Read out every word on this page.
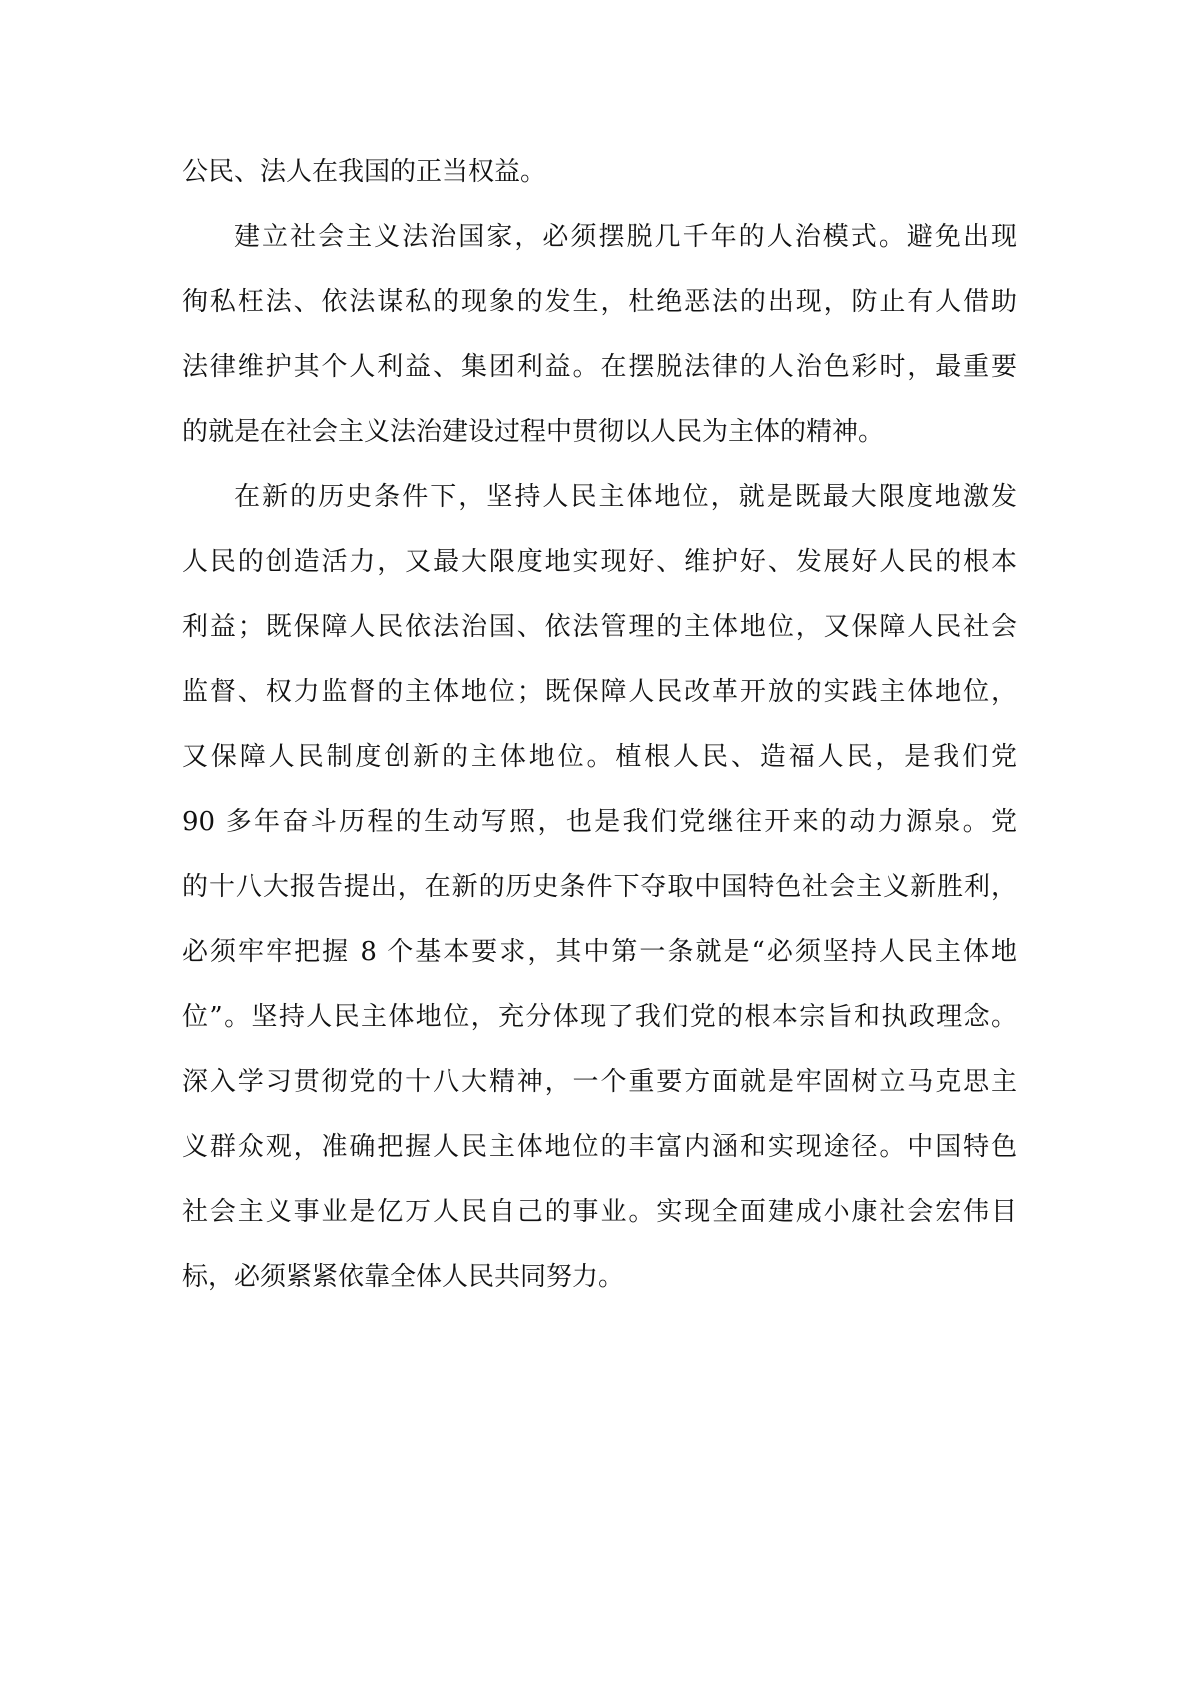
公民、法人在我国的正当权益。
建立社会主义法治国家，必须摆脱几千年的人治模式。避免出现
徇私枉法、依法谋私的现象的发生，杜绝恶法的出现，防止有人借助
法律维护其个人利益、集团利益。在摆脱法律的人治色彩时，最重要
的就是在社会主义法治建设过程中贯彻以人民为主体的精神。
在新的历史条件下，坚持人民主体地位，就是既最大限度地激发
人民的创造活力，又最大限度地实现好、维护好、发展好人民的根本
利益；既保障人民依法治国、依法管理的主体地位，又保障人民社会
监督、权力监督的主体地位；既保障人民改革开放的实践主体地位，
又保障人民制度创新的主体地位。植根人民、造福人民，是我们党
90 多年奋斗历程的生动写照，也是我们党继往开来的动力源泉。党
的十八大报告提出，在新的历史条件下夺取中国特色社会主义新胜利，
必须牢牢把握 8 个基本要求，其中第一条就是“必须坚持人民主体地
位”。坚持人民主体地位，充分体现了我们党的根本宗旨和执政理念。
深入学习贯彻党的十八大精神，一个重要方面就是牢固树立马克思主
义群众观，准确把握人民主体地位的丰富内涵和实现途径。中国特色
社会主义事业是亿万人民自己的事业。实现全面建成小康社会宏伟目
标，必须紧紧依靠全体人民共同努力。
